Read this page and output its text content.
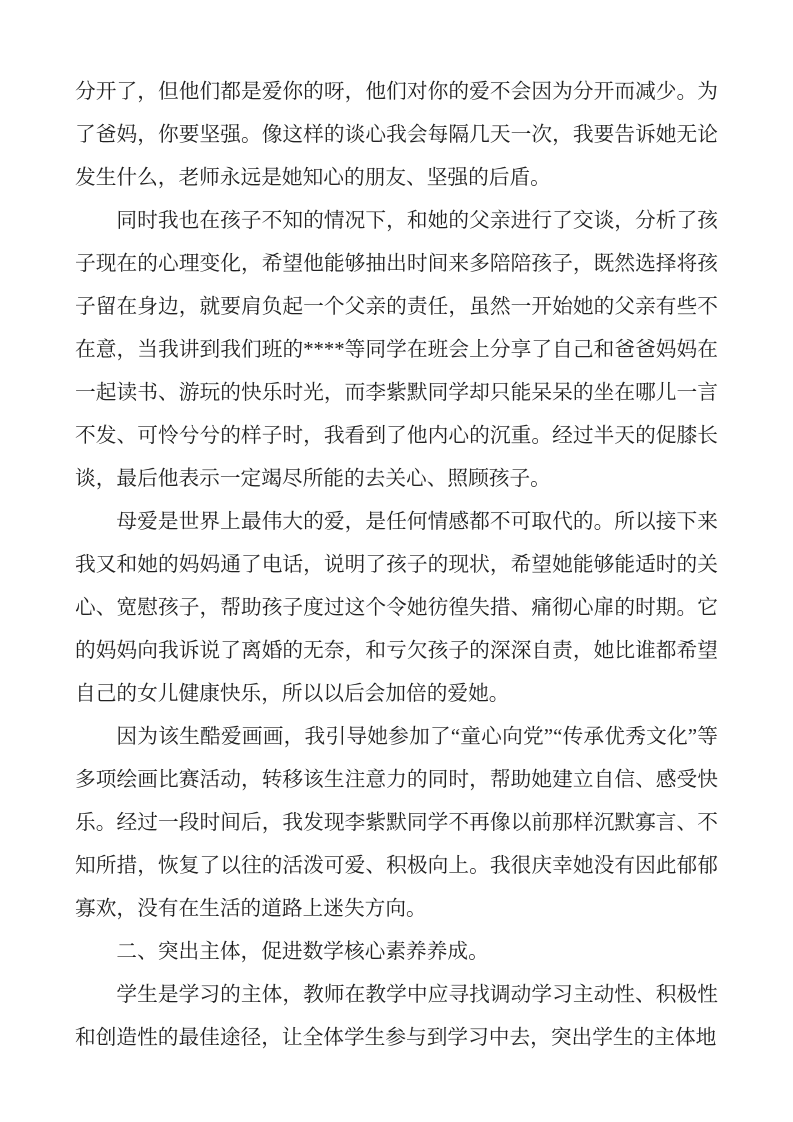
分开了，但他们都是爱你的呀，他们对你的爱不会因为分开而减少。为了爸妈，你要坚强。像这样的谈心我会每隔几天一次，我要告诉她无论发生什么，老师永远是她知心的朋友、坚强的后盾。

同时我也在孩子不知的情况下，和她的父亲进行了交谈，分析了孩子现在的心理变化，希望他能够抽出时间来多陪陪孩子，既然选择将孩子留在身边，就要肩负起一个父亲的责任，虽然一开始她的父亲有些不在意，当我讲到我们班的****等同学在班会上分享了自己和爸爸妈妈在一起读书、游玩的快乐时光，而李紫默同学却只能呆呆的坐在哪儿一言不发、可怜兮兮的样子时，我看到了他内心的沉重。经过半天的促膝长谈，最后他表示一定竭尽所能的去关心、照顾孩子。

母爱是世界上最伟大的爱，是任何情感都不可取代的。所以接下来我又和她的妈妈通了电话，说明了孩子的现状，希望她能够能适时的关心、宽慰孩子，帮助孩子度过这个令她彷徨失措、痛彻心扉的时期。它的妈妈向我诉说了离婚的无奈，和亏欠孩子的深深自责，她比谁都希望自己的女儿健康快乐，所以以后会加倍的爱她。

因为该生酷爱画画，我引导她参加了“童心向党”“传承优秀文化”等多项绘画比赛活动，转移该生注意力的同时，帮助她建立自信、感受快乐。经过一段时间后，我发现李紫默同学不再像以前那样沉默寡言、不知所措，恢复了以往的活泼可爱、积极向上。我很庆幸她没有因此郁郁寡欢，没有在生活的道路上迷失方向。

二、突出主体，促进数学核心素养养成。

学生是学习的主体，教师在教学中应寻找调动学习主动性、积极性和创造性的最佳途径，让全体学生参与到学习中去，突出学生的主体地
